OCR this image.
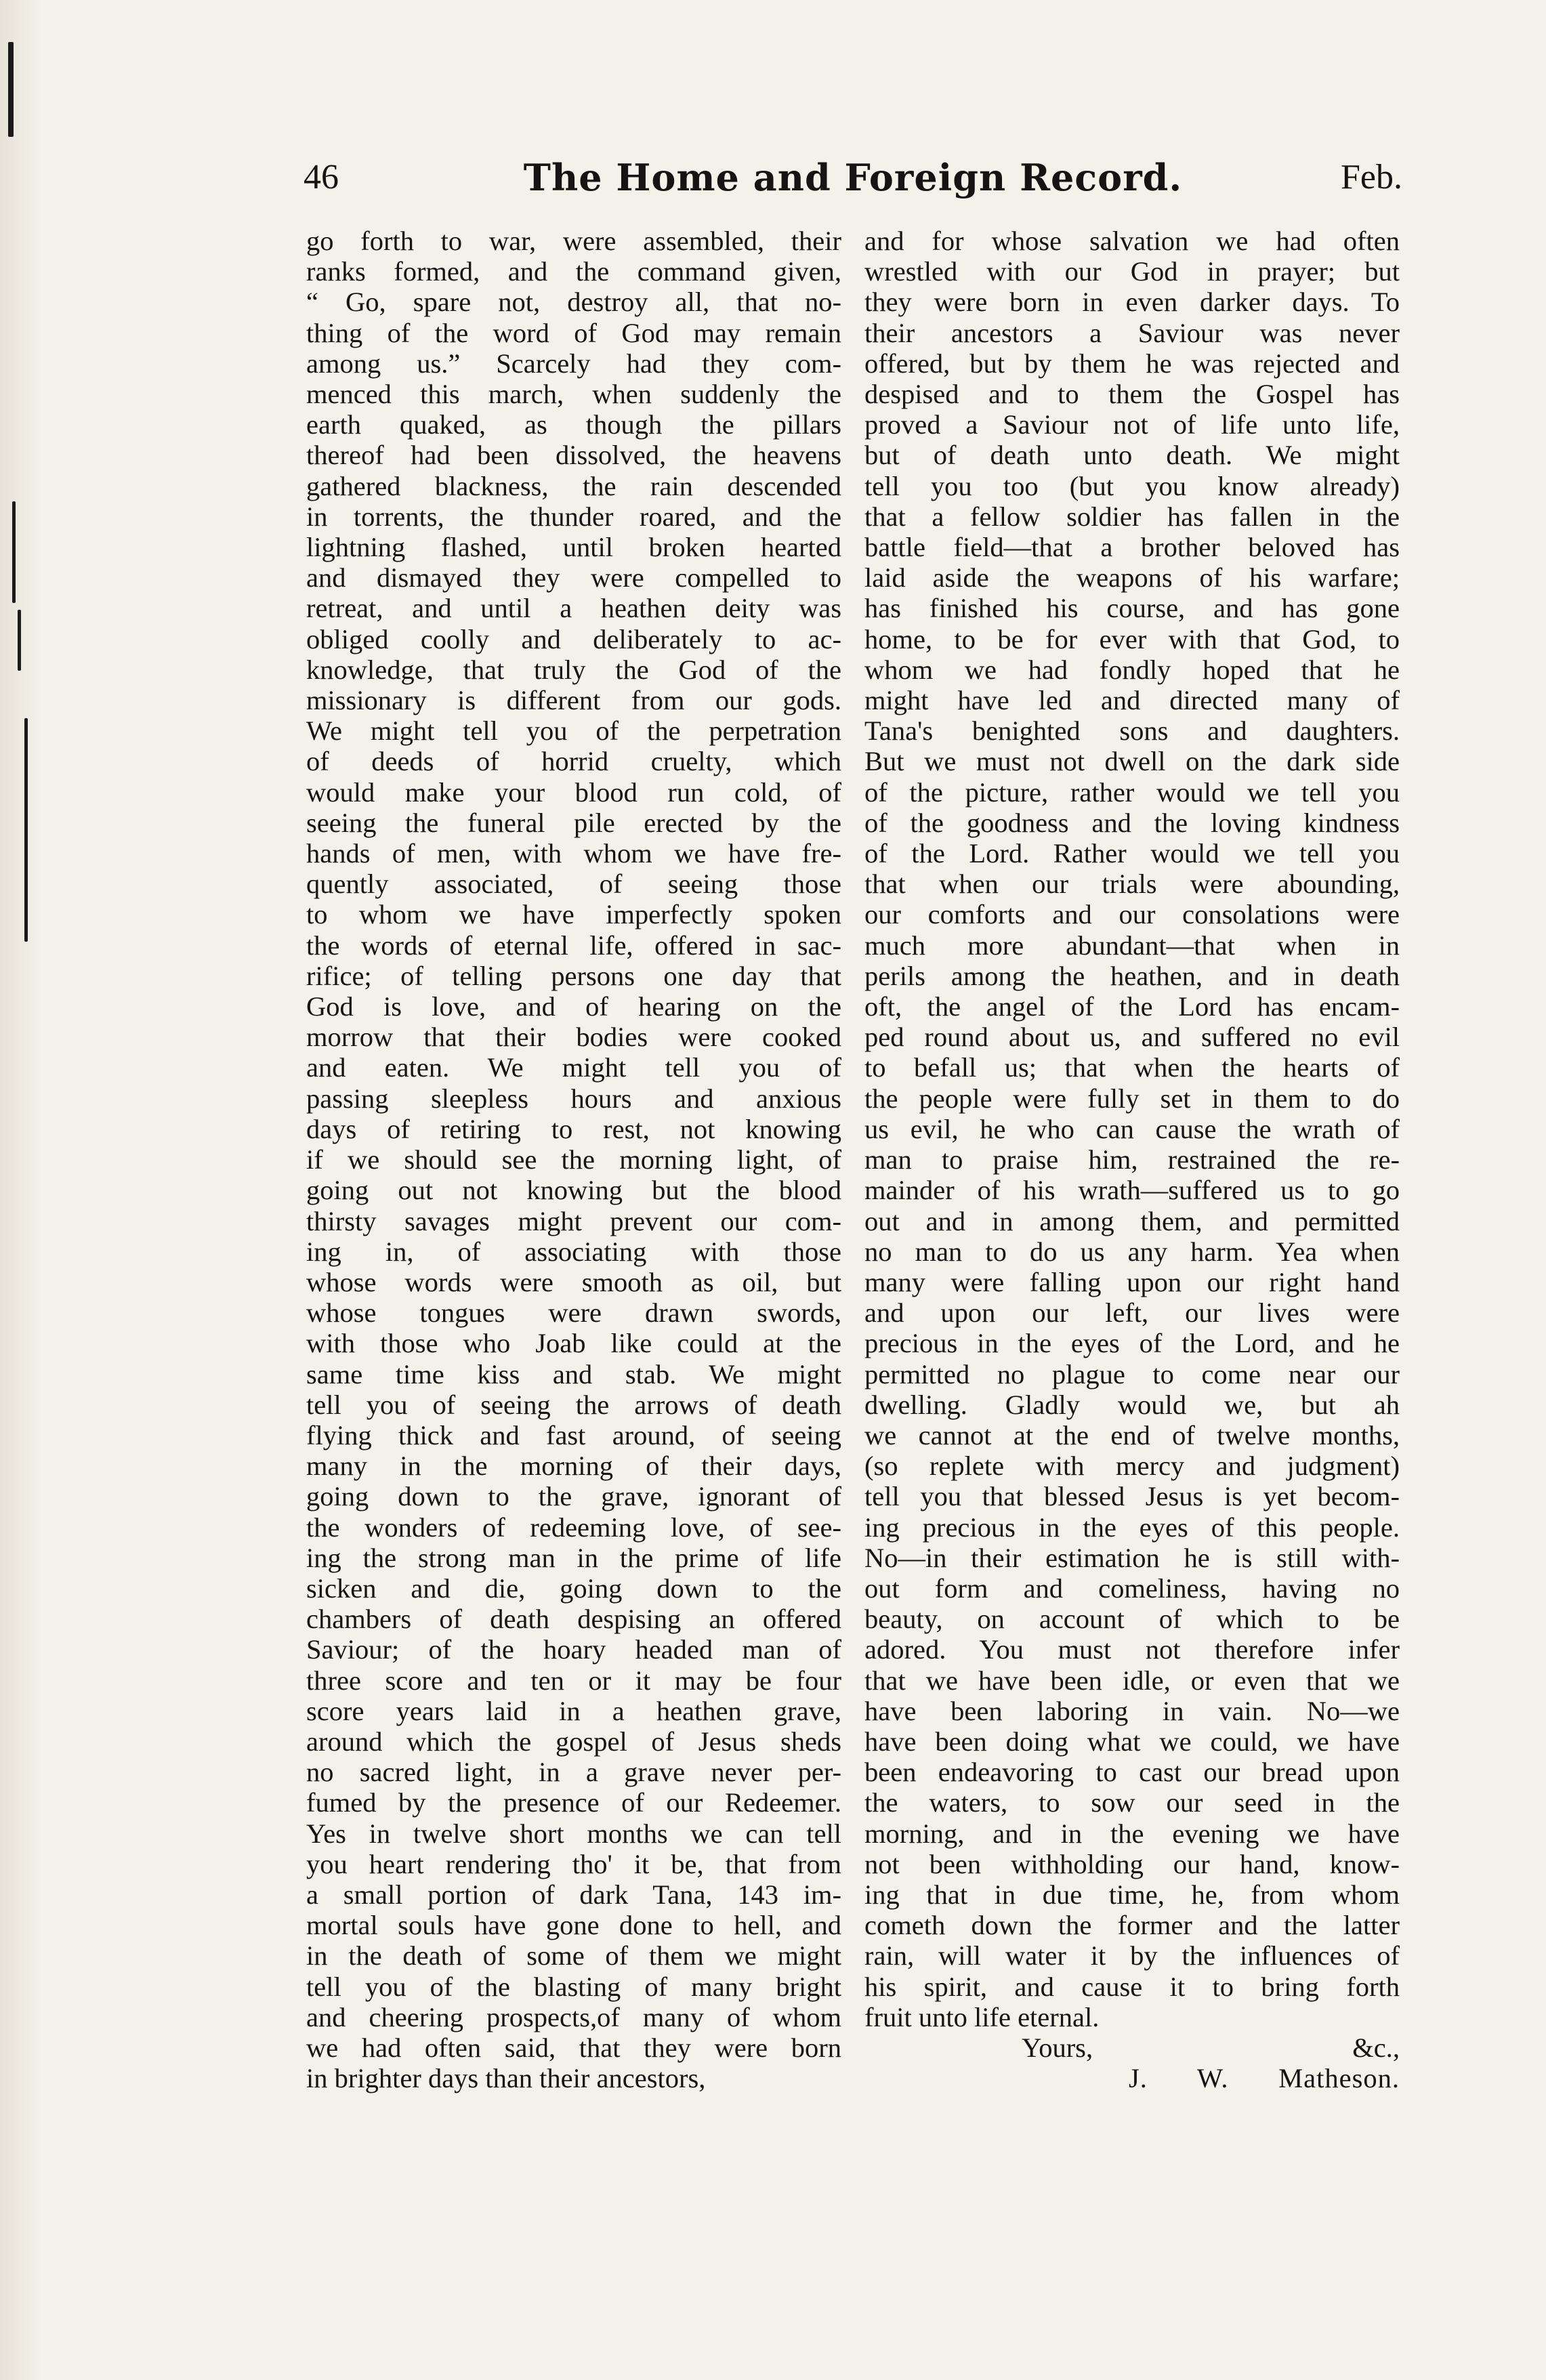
46	The Home and Foreign Record.	Feb.

go forth to war, were assembled, their

ranks formed, and the command given,

“ Go, spare not, destroy all, that no-

thing of the word of God may remain

among us.” Scarcely had they com-

menced this march, when suddenly the

earth quaked, as though the pillars

thereof had been dissolved, the heavens

gathered blackness, the rain descended

in torrents, the thunder roared, and the

lightning flashed, until broken hearted

and dismayed they were compelled to

retreat, and until a heathen deity was

obliged coolly and deliberately to ac-

knowledge, that truly the God of the

missionary is different from our gods.

We might tell you of the perpetration

of deeds of horrid cruelty, which

would make your blood run cold, of

seeing the funeral pile erected by the

hands of men, with whom we have fre-

quently associated, of seeing those

to whom we have imperfectly spoken

the words of eternal life, offered in sac-

rifice; of telling persons one day that

God is love, and of hearing on the

morrow that their bodies were cooked

and eaten. We might tell you of

passing sleepless hours and anxious

days of retiring to rest, not knowing

if we should see the morning light, of

going out not knowing but the blood

thirsty savages might prevent our com-

ing in, of associating with those

whose words were smooth as oil, but

whose tongues were drawn swords,

with those who Joab like could at the

same time kiss and stab. We might

tell you of seeing the arrows of death

flying thick and fast around, of seeing

many in the morning of their days,

going down to the grave, ignorant of

the wonders of redeeming love, of see-

ing the strong man in the prime of life

sicken and die, going down to the

chambers of death despising an offered

Saviour; of the hoary headed man of

three score and ten or it may be four

score years laid in a heathen grave,

around which the gospel of Jesus sheds

no sacred light, in a grave never per-

fumed by the presence of our Redeemer.

Yes in twelve short months we can tell

you heart rendering tho' it be, that from

a small portion of dark Tana, 143 im-

mortal souls have gone done to hell, and

in the death of some of them we might

tell you of the blasting of many bright

and cheering prospects,of many of whom

we had often said, that they were born

in brighter days than their ancestors,

and for whose salvation we had often

wrestled with our God in prayer; but

they were born in even darker days. To

their ancestors a Saviour was never

offered, but by them he was rejected and

despised and to them the Gospel has

proved a Saviour not of life unto life,

but of death unto death. We might

tell you too (but you know already)

that a fellow soldier has fallen in the

battle field—that a brother beloved has

laid aside the weapons of his warfare;

has finished his course, and has gone

home, to be for ever with that God, to

whom we had fondly hoped that he

might have led and directed many of

Tana's benighted sons and daughters.

But we must not dwell on the dark side

of the picture, rather would we tell you

of the goodness and the loving kindness

of the Lord. Rather would we tell you

that when our trials were abounding,

our comforts and our consolations were

much more abundant—that when in

perils among the heathen, and in death

oft, the angel of the Lord has encam-

ped round about us, and suffered no evil

to befall us; that when the hearts of

the people were fully set in them to do

us evil, he who can cause the wrath of

man to praise him, restrained the re-

mainder of his wrath—suffered us to go

out and in among them, and permitted

no man to do us any harm. Yea when

many were falling upon our right hand

and upon our left, our lives were

precious in the eyes of the Lord, and he

permitted no plague to come near our

dwelling. Gladly would we, but ah

we cannot at the end of twelve months,

(so replete with mercy and judgment)

tell you that blessed Jesus is yet becom-

ing precious in the eyes of this people.

No—in their estimation he is still with-

out form and comeliness, having no

beauty, on account of which to be

adored. You must not therefore infer

that we have been idle, or even that we

have been laboring in vain. No—we

have been doing what we could, we have

been endeavoring to cast our bread upon

the waters, to sow our seed in the

morning, and in the evening we have

not been withholding our hand, know-

ing that in due time, he, from whom

cometh down the former and the latter

rain, will water it by the influences of

his spirit, and cause it to bring forth

fruit unto life eternal.

Yours, &c.,

J. W. Matheson.
